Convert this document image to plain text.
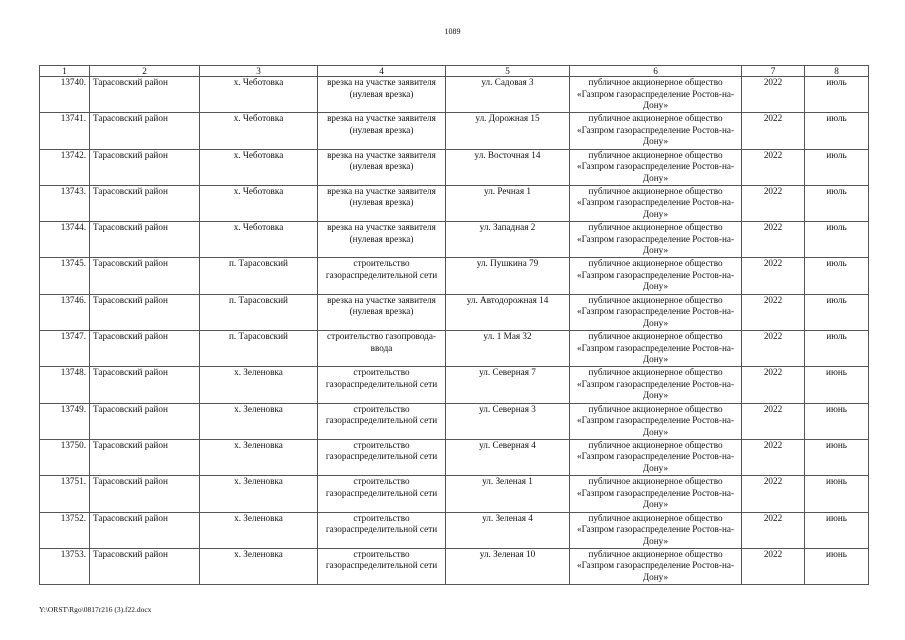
1089
1	2	3	4	5	6	7	8
13740.	Тарасовский район	х. Чеботовка	врезка на участке заявителя (нулевая врезка)	ул. Садовая 3	публичное акционерное общество «Газпром газораспределение Ростов-на-Дону»	2022	июль
13741.	Тарасовский район	х. Чеботовка	врезка на участке заявителя (нулевая врезка)	ул. Дорожная 15	публичное акционерное общество «Газпром газораспределение Ростов-на-Дону»	2022	июль
13742.	Тарасовский район	х. Чеботовка	врезка на участке заявителя (нулевая врезка)	ул. Восточная 14	публичное акционерное общество «Газпром газораспределение Ростов-на-Дону»	2022	июль
13743.	Тарасовский район	х. Чеботовка	врезка на участке заявителя (нулевая врезка)	ул. Речная 1	публичное акционерное общество «Газпром газораспределение Ростов-на-Дону»	2022	июль
13744.	Тарасовский район	х. Чеботовка	врезка на участке заявителя (нулевая врезка)	ул. Западная 2	публичное акционерное общество «Газпром газораспределение Ростов-на-Дону»	2022	июль
13745.	Тарасовский район	п. Тарасовский	строительство газораспределительной сети	ул. Пушкина 79	публичное акционерное общество «Газпром газораспределение Ростов-на-Дону»	2022	июль
13746.	Тарасовский район	п. Тарасовский	врезка на участке заявителя (нулевая врезка)	ул. Автодорожная 14	публичное акционерное общество «Газпром газораспределение Ростов-на-Дону»	2022	июль
13747.	Тарасовский район	п. Тарасовский	строительство газопровода-ввода	ул. 1 Мая 32	публичное акционерное общество «Газпром газораспределение Ростов-на-Дону»	2022	июль
13748.	Тарасовский район	х. Зеленовка	строительство газораспределительной сети	ул. Северная 7	публичное акционерное общество «Газпром газораспределение Ростов-на-Дону»	2022	июнь
13749.	Тарасовский район	х. Зеленовка	строительство газораспределительной сети	ул. Северная 3	публичное акционерное общество «Газпром газораспределение Ростов-на-Дону»	2022	июнь
13750.	Тарасовский район	х. Зеленовка	строительство газораспределительной сети	ул. Северная 4	публичное акционерное общество «Газпром газораспределение Ростов-на-Дону»	2022	июнь
13751.	Тарасовский район	х. Зеленовка	строительство газораспределительной сети	ул. Зеленая 1	публичное акционерное общество «Газпром газораспределение Ростов-на-Дону»	2022	июнь
13752.	Тарасовский район	х. Зеленовка	строительство газораспределительной сети	ул. Зеленая 4	публичное акционерное общество «Газпром газораспределение Ростов-на-Дону»	2022	июнь
13753.	Тарасовский район	х. Зеленовка	строительство газораспределительной сети	ул. Зеленая 10	публичное акционерное общество «Газпром газораспределение Ростов-на-Дону»	2022	июнь
Y:\ORST\Rgo\0817r216 (3).f22.docx
